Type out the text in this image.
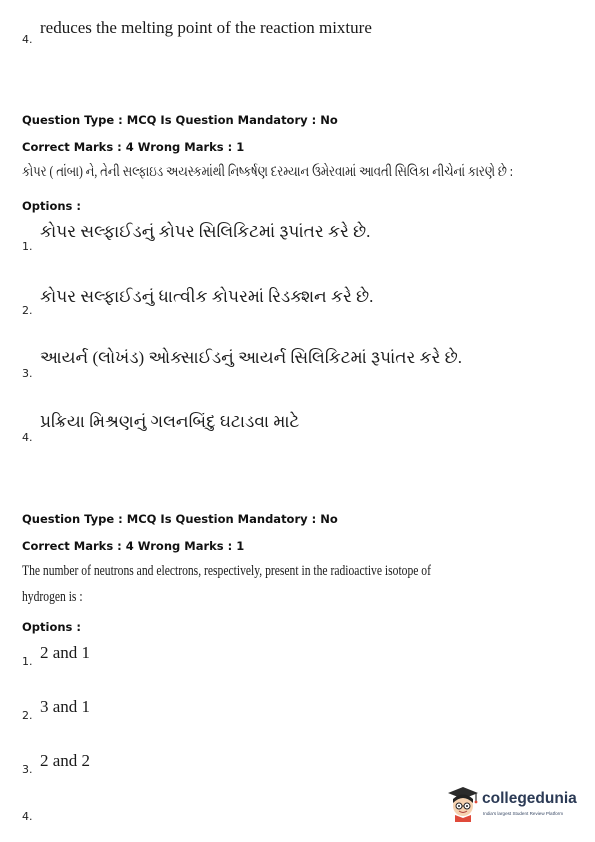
4.
reduces the melting point of the reaction mixture
Question Type : MCQ Is Question Mandatory : No
Correct Marks : 4 Wrong Marks : 1
કોપર ( તાંબા) ને, તેની સલ્ફાઇડ અયસ્કમાંથી નિષ્કર્ષણ દરમ્યાન ઉમેરવામાં આવતી સિલિકા નીચેનાં કારણે છે :
Options :
1.
કોપર સલ્ફાઈડનું કોપર સિલિકિટમાં રૂપાંતર કરે છે.
2.
કોપર સલ્ફાઈડનું ધાત્વીક કોપરમાં રિડક્શન કરે છે.
3.
આયર્ન (લોખંડ) ઓક્સાઈડનું આયર્ન સિલિકિટમાં રૂપાંતર કરે છે.
4.
પ્રક્રિયા મિશ્રણનું ગલનબિંદુ ઘટાડવા માટે
Question Type : MCQ Is Question Mandatory : No
Correct Marks : 4 Wrong Marks : 1
The number of neutrons and electrons, respectively, present in the radioactive isotope of
hydrogen is :
Options :
1. 2 and 1
2. 3 and 1
3. 2 and 2
4.
collegedunia
India's largest Student Review Platform
